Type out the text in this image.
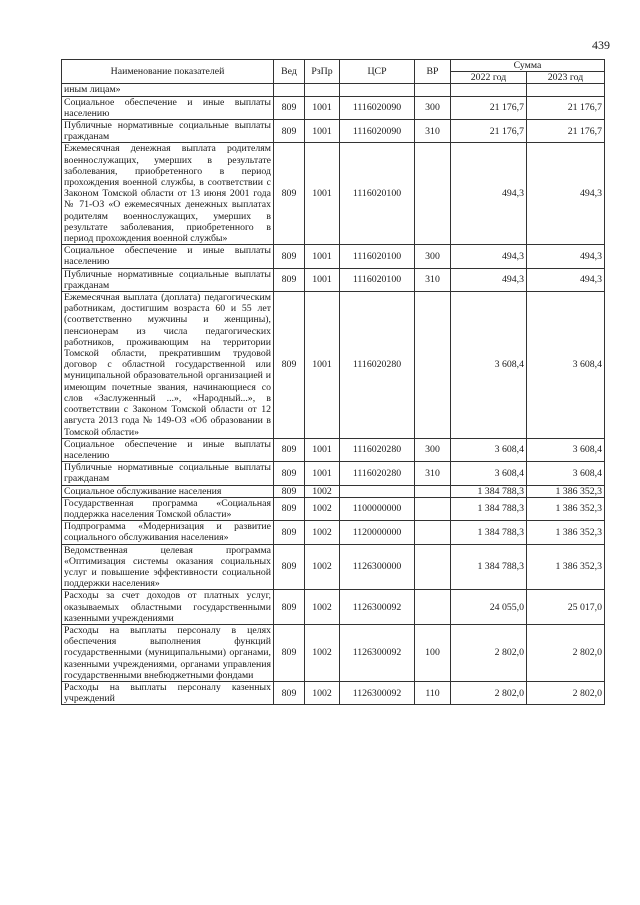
439
Наименование показателей	Вед	РзПр	ЦСР	ВР	Сумма	
					2022 год	2023 год
иным лицам»						
Социальное обеспечение и иные выплаты населению	809	1001	1116020090	300	21 176,7	21 176,7
Публичные нормативные социальные выплаты гражданам	809	1001	1116020090	310	21 176,7	21 176,7
Ежемесячная денежная выплата родителям военнослужащих, умерших в результате заболевания, приобретенного в период прохождения военной службы, в соответствии с Законом Томской области от 13 июня 2001 года № 71-ОЗ «О ежемесячных денежных выплатах родителям военнослужащих, умерших в результате заболевания, приобретенного в период прохождения военной службы»	809	1001	1116020100		494,3	494,3
Социальное обеспечение и иные выплаты населению	809	1001	1116020100	300	494,3	494,3
Публичные нормативные социальные выплаты гражданам	809	1001	1116020100	310	494,3	494,3
Ежемесячная выплата (доплата) педагогическим работникам, достигшим возраста 60 и 55 лет (соответственно мужчины и женщины), пенсионерам из числа педагогических работников, проживающим на территории Томской области, прекратившим трудовой договор с областной государственной или муниципальной образовательной организацией и имеющим почетные звания, начинающиеся со слов «Заслуженный ...», «Народный...», в соответствии с Законом Томской области от 12 августа 2013 года № 149-ОЗ «Об образовании в Томской области»	809	1001	1116020280		3 608,4	3 608,4
Социальное обеспечение и иные выплаты населению	809	1001	1116020280	300	3 608,4	3 608,4
Публичные нормативные социальные выплаты гражданам	809	1001	1116020280	310	3 608,4	3 608,4
Социальное обслуживание населения	809	1002			1 384 788,3	1 386 352,3
Государственная программа «Социальная поддержка населения Томской области»	809	1002	1100000000		1 384 788,3	1 386 352,3
Подпрограмма «Модернизация и развитие социального обслуживания населения»	809	1002	1120000000		1 384 788,3	1 386 352,3
Ведомственная целевая программа «Оптимизация системы оказания социальных услуг и повышение эффективности социальной поддержки населения»	809	1002	1126300000		1 384 788,3	1 386 352,3
Расходы за счет доходов от платных услуг, оказываемых областными государственными казенными учреждениями	809	1002	1126300092		24 055,0	25 017,0
Расходы на выплаты персоналу в целях обеспечения выполнения функций государственными (муниципальными) органами, казенными учреждениями, органами управления государственными внебюджетными фондами	809	1002	1126300092	100	2 802,0	2 802,0
Расходы на выплаты персоналу казенных учреждений	809	1002	1126300092	110	2 802,0	2 802,0
